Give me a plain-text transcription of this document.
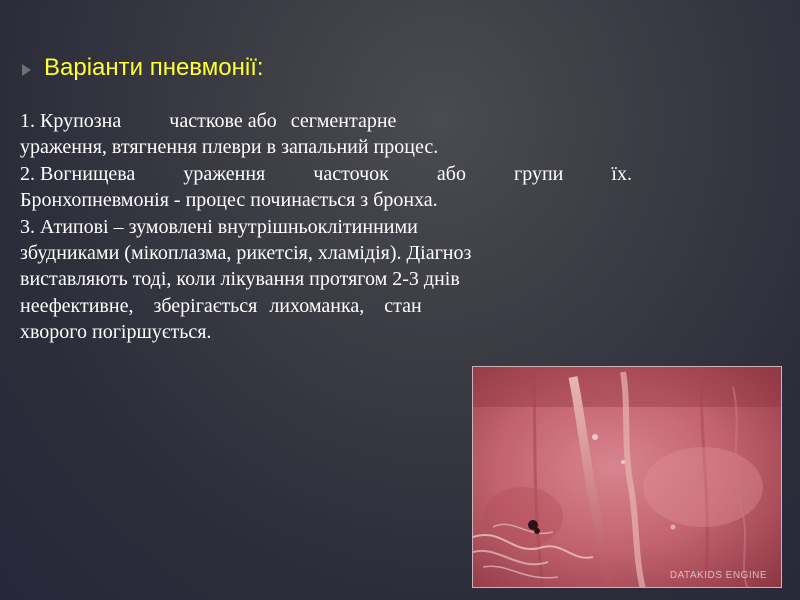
Варіанти пневмонії:
1. Крупозна часткове або сегментарне
ураження, втягнення плеври в запальний процес.
2. Вогнищева ураження часточок або групи їх.
Бронхопневмонія - процес починається з бронха.
3. Атипові – зумовлені внутрішньоклітинними
збудниками (мікоплазма, рикетсія, хламідія). Діагноз
виставляють тоді, коли лікування протягом 2-3 днів
неефективне, зберігається лихоманка, стан
хворого погіршується.
DATAKIDS ENGINE
